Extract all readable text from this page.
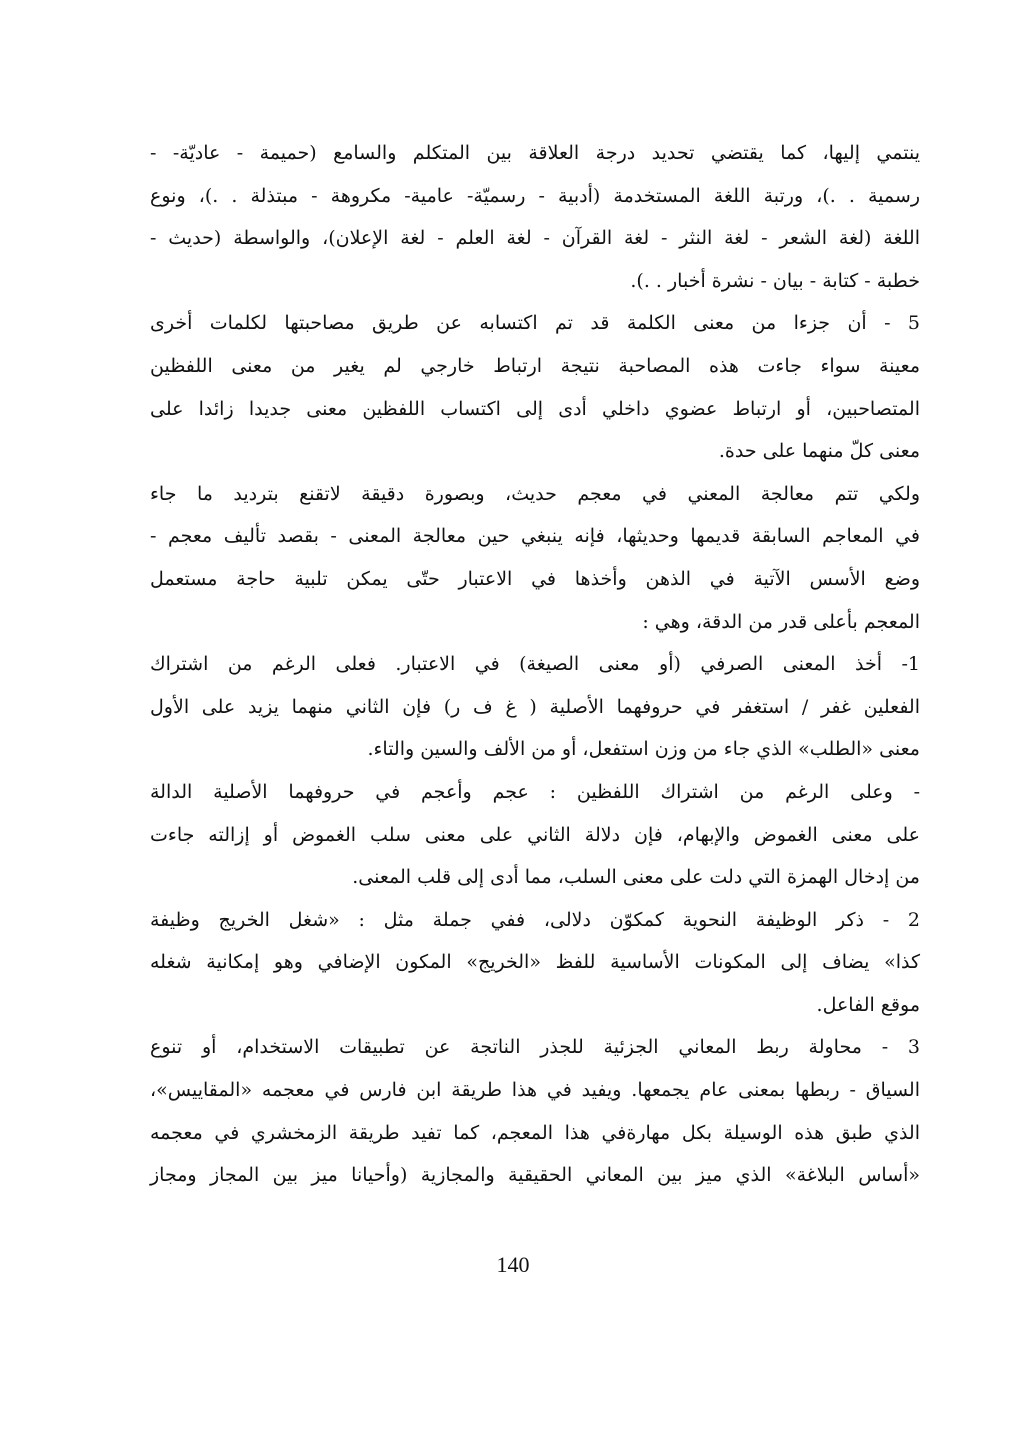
ينتمي إليها، كما يقتضي تحديد درجة العلاقة بين المتكلم والسامع (حميمة - عاديّة- -
رسمية . .)، ورتبة اللغة المستخدمة (أدبية - رسميّة- عامية- مكروهة - مبتذلة . .)، ونوع
اللغة (لغة الشعر - لغة النثر - لغة القرآن - لغة العلم - لغة الإعلان)، والواسطة (حديث -
خطبة - كتابة - بيان - نشرة أخبار . .).
5 - أن جزءا من معنى الكلمة قد تم اكتسابه عن طريق مصاحبتها لكلمات أخرى
معينة سواء جاءت هذه المصاحبة نتيجة ارتباط خارجي لم يغير من معنى اللفظين
المتصاحبين، أو ارتباط عضوي داخلي أدى إلى اكتساب اللفظين معنى جديدا زائدا على
معنى كلّ منهما على حدة.
ولكي تتم معالجة المعني في معجم حديث، وبصورة دقيقة لاتقنع بترديد ما جاء
في المعاجم السابقة قديمها وحديثها، فإنه ينبغي حين معالجة المعنى - بقصد تأليف معجم -
وضع الأسس الآتية في الذهن وأخذها في الاعتبار حتّى يمكن تلبية حاجة مستعمل
المعجم بأعلى قدر من الدقة، وهي :
1- أخذ المعنى الصرفي (أو معنى الصيغة) في الاعتبار. فعلى الرغم من اشتراك
الفعلين غفر / استغفر في حروفهما الأصلية ( غ ف ر) فإن الثاني منهما يزيد على الأول
معنى «الطلب» الذي جاء من وزن استفعل، أو من الألف والسين والتاء.
- وعلى الرغم من اشتراك اللفظين : عجم وأعجم في حروفهما الأصلية الدالة
على معنى الغموض والإبهام، فإن دلالة الثاني على معنى سلب الغموض أو إزالته جاءت
من إدخال الهمزة التي دلت على معنى السلب، مما أدى إلى قلب المعنى.
2 - ذكر الوظيفة النحوية كمكوّن دلالى، ففي جملة مثل : «شغل الخريج وظيفة
كذا» يضاف إلى المكونات الأساسية للفظ «الخريج» المكون الإضافي وهو إمكانية شغله
موقع الفاعل.
3 - محاولة ربط المعاني الجزئية للجذر الناتجة عن تطبيقات الاستخدام، أو تنوع
السياق - ربطها بمعنى عام يجمعها. ويفيد في هذا طريقة ابن فارس في معجمه «المقاييس»،
الذي طبق هذه الوسيلة بكل مهارةفي هذا المعجم، كما تفيد طريقة الزمخشري في معجمه
«أساس البلاغة» الذي ميز بين المعاني الحقيقية والمجازية (وأحيانا ميز بين المجاز ومجاز
140
